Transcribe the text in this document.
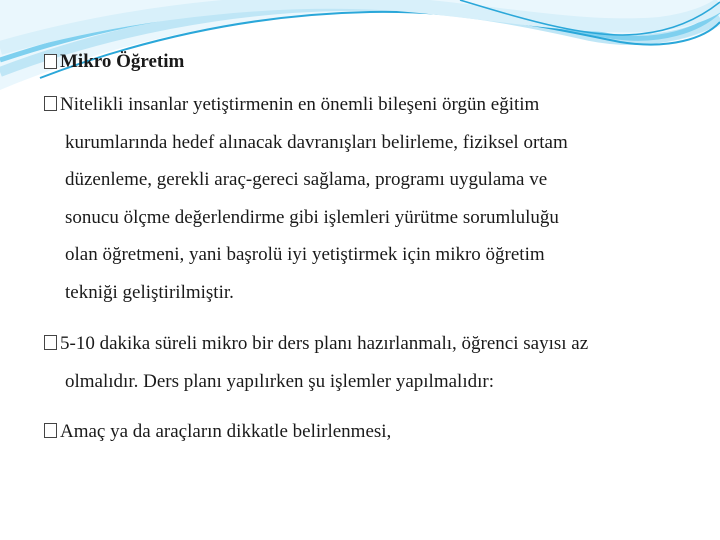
Mikro Öğretim
Nitelikli insanlar yetiştirmenin en önemli bileşeni örgün eğitim
kurumlarında hedef alınacak davranışları belirleme, fiziksel ortam
düzenleme, gerekli araç-gereci sağlama, programı uygulama ve
sonucu ölçme değerlendirme gibi işlemleri yürütme sorumluluğu
olan öğretmeni, yani başrolü iyi yetiştirmek için mikro öğretim
tekniği geliştirilmiştir.
5-10 dakika süreli mikro bir ders planı hazırlanmalı, öğrenci sayısı az
olmalıdır. Ders planı yapılırken şu işlemler yapılmalıdır:
Amaç ya da araçların dikkatle belirlenmesi,
